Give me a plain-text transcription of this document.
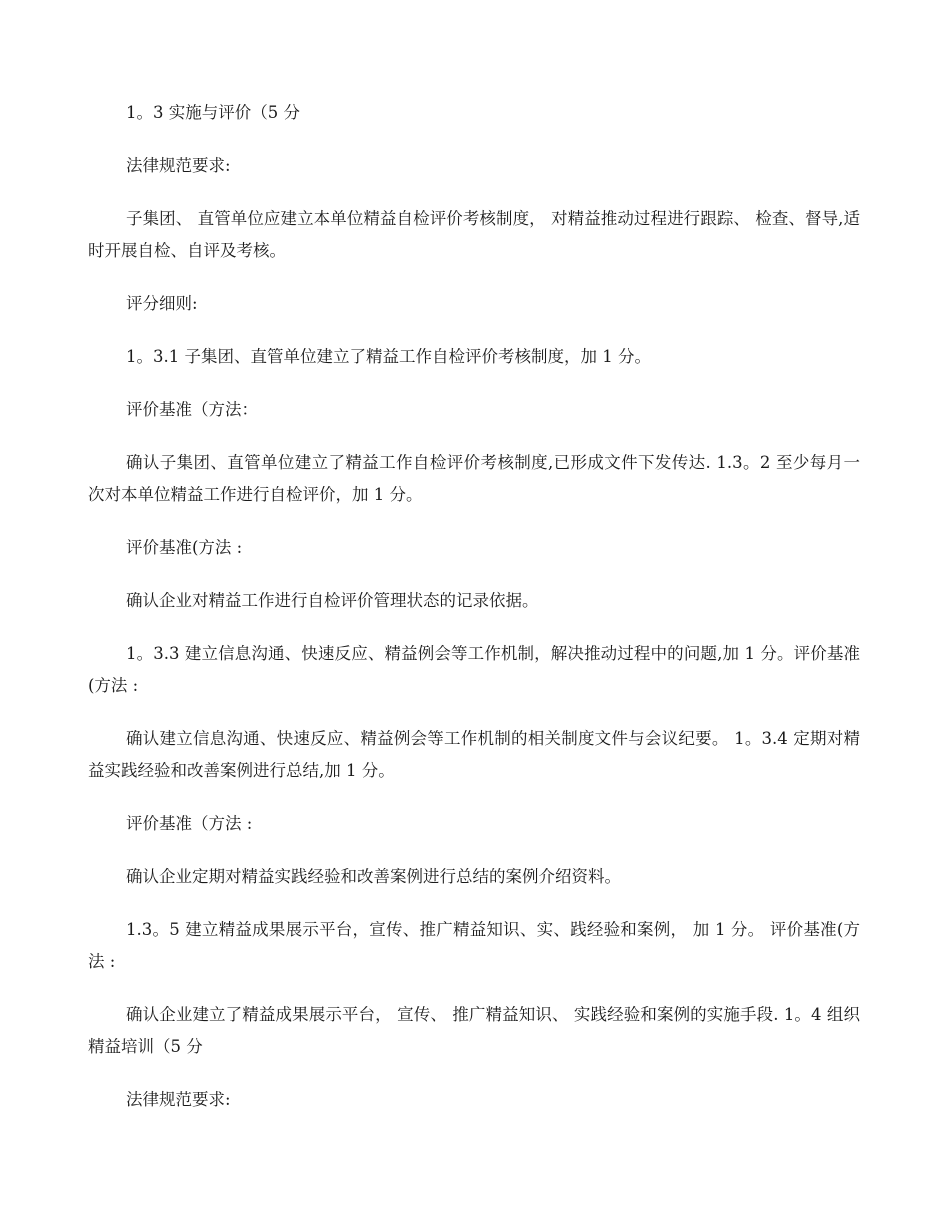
1。3 实施与评价（5 分

法律规范要求:

子集团、 直管单位应建立本单位精益自检评价考核制度， 对精益推动过程进行跟踪、 检查、督导,适时开展自检、自评及考核。

评分细则:

1。3.1 子集团、直管单位建立了精益工作自检评价考核制度，加 1 分。

评价基准（方法：

确认子集团、直管单位建立了精益工作自检评价考核制度,已形成文件下发传达. 1.3。2 至少每月一次对本单位精益工作进行自检评价，加 1 分。

评价基准(方法 :

确认企业对精益工作进行自检评价管理状态的记录依据。

1。3.3 建立信息沟通、快速反应、精益例会等工作机制，解决推动过程中的问题,加 1 分。评价基准(方法 :

确认建立信息沟通、快速反应、精益例会等工作机制的相关制度文件与会议纪要。 1。3.4 定期对精益实践经验和改善案例进行总结,加 1 分。

评价基准（方法 :

确认企业定期对精益实践经验和改善案例进行总结的案例介绍资料。

1.3。5 建立精益成果展示平台，宣传、推广精益知识、实、践经验和案例， 加 1 分。 评价基准(方法 :

确认企业建立了精益成果展示平台， 宣传、 推广精益知识、 实践经验和案例的实施手段. 1。4 组织精益培训（5 分

法律规范要求:
